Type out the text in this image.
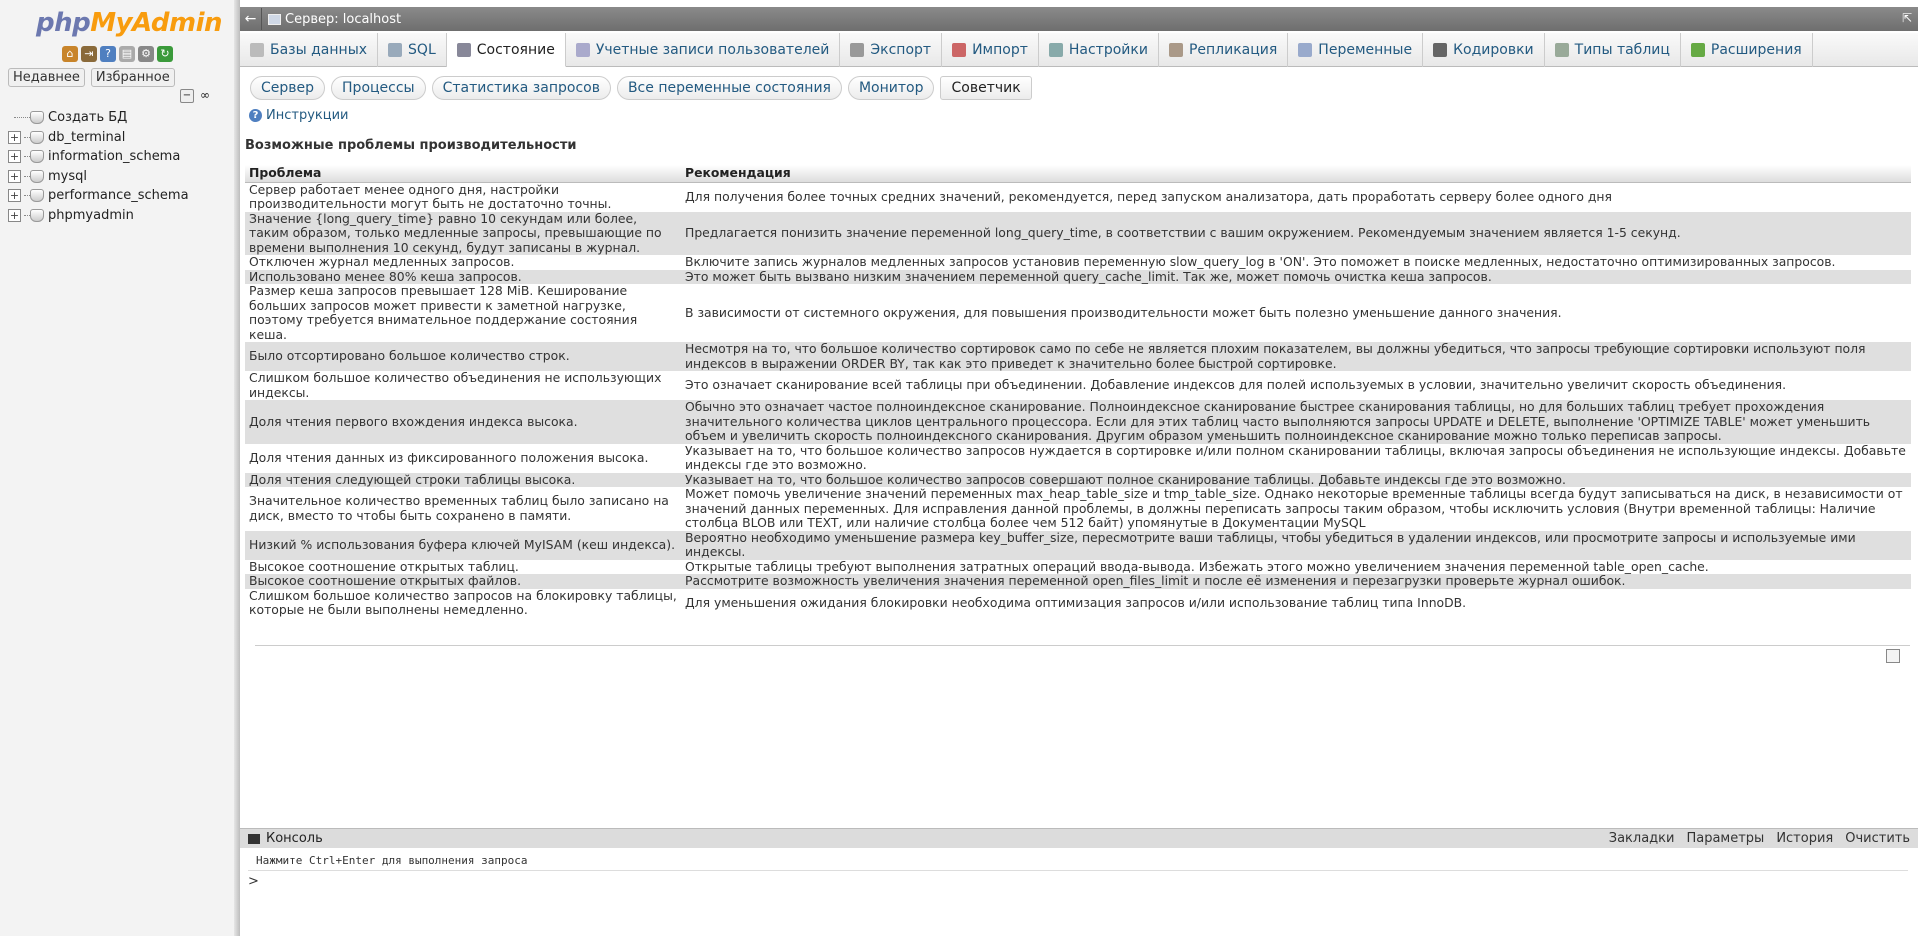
phpMyAdmin
⌂ ⇥	? ▤ ⚙ ↻
Недавнее	Избранное
− ∞
Создать БД
+ db_terminal
+ information_schema
+ mysql
+ performance_schema
+ phpmyadmin
←	Сервер: localhost	⇱
Базы данных	SQL	Состояние	Учетные записи пользователей	Экспорт	Импорт	Настройки	Репликация	Переменные	Кодировки	Типы таблиц	Расширения
Сервер	Процессы	Статистика запросов	Все переменные состояния	Монитор	Советчик
? Инструкции
Возможные проблемы производительности
Проблема	Рекомендация
Сервер работает менее одного дня, настройки производительности могут быть не достаточно точны.	Для получения более точных средних значений, рекомендуется, перед запуском анализатора, дать проработать серверу более одного дня
Значение {long_query_time} равно 10 секундам или более, таким образом, только медленные запросы, превышающие по времени выполнения 10 секунд, будут записаны в журнал.	Предлагается понизить значение переменной long_query_time, в соответствии с вашим окружением. Рекомендуемым значением является 1-5 секунд.
Отключен журнал медленных запросов.	Включите запись журналов медленных запросов установив переменную slow_query_log в 'ON'. Это поможет в поиске медленных, недостаточно оптимизированных запросов.
Использовано менее 80% кеша запросов.	Это может быть вызвано низким значением переменной query_cache_limit. Так же, может помочь очистка кеша запросов.
Размер кеша запросов превышает 128 MiB. Кеширование больших запросов может привести к заметной нагрузке, поэтому требуется внимательное поддержание состояния кеша.	В зависимости от системного окружения, для повышения производительности может быть полезно уменьшение данного значения.
Было отсортировано большое количество строк.	Несмотря на то, что большое количество сортировок само по себе не является плохим показателем, вы должны убедиться, что запросы требующие сортировки используют поля индексов в выражении ORDER BY, так как это приведет к значительно более быстрой сортировке.
Слишком большое количество объединения не использующих индексы.	Это означает сканирование всей таблицы при объединении. Добавление индексов для полей используемых в условии, значительно увеличит скорость объединения.
Доля чтения первого вхождения индекса высока.	Обычно это означает частое полноиндексное сканирование. Полноиндексное сканирование быстрее сканирования таблицы, но для больших таблиц требует прохождения значительного количества циклов центрального процессора. Если для этих таблиц часто выполняются запросы UPDATE и DELETE, выполнение 'OPTIMIZE TABLE' может уменьшить объем и увеличить скорость полноиндексного сканирования. Другим образом уменьшить полноиндексное сканирование можно только переписав запросы.
Доля чтения данных из фиксированного положения высока.	Указывает на то, что большое количество запросов нуждается в сортировке и/или полном сканировании таблицы, включая запросы объединения не использующие индексы. Добавьте индексы где это возможно.
Доля чтения следующей строки таблицы высока.	Указывает на то, что большое количество запросов совершают полное сканирование таблицы. Добавьте индексы где это возможно.
Значительное количество временных таблиц было записано на диск, вместо то чтобы быть сохранено в памяти.	Может помочь увеличение значений переменных max_heap_table_size и tmp_table_size. Однако некоторые временные таблицы всегда будут записываться на диск, в независимости от значений данных переменных. Для исправления данной проблемы, в должны переписать запросы таким образом, чтобы исключить условия (Внутри временной таблицы: Наличие столбца BLOB или TEXT, или наличие столбца более чем 512 байт) упомянутые в Документации MySQL
Низкий % использования буфера ключей MyISAM (кеш индекса).	Вероятно необходимо уменьшение размера key_buffer_size, пересмотрите ваши таблицы, чтобы убедиться в удалении индексов, или просмотрите запросы и используемые ими индексы.
Высокое соотношение открытых таблиц.	Открытые таблицы требуют выполнения затратных операций ввода-вывода. Избежать этого можно увеличением значения переменной table_open_cache.
Высокое соотношение открытых файлов.	Рассмотрите возможность увеличения значения переменной open_files_limit и после её изменения и перезагрузки проверьте журнал ошибок.
Слишком большое количество запросов на блокировку таблицы, которые не были выполнены немедленно.	Для уменьшения ожидания блокировки необходима оптимизация запросов и/или использование таблиц типа InnoDB.
Консоль	Закладки Параметры История Очистить
Нажмите Ctrl+Enter для выполнения запроса
>
